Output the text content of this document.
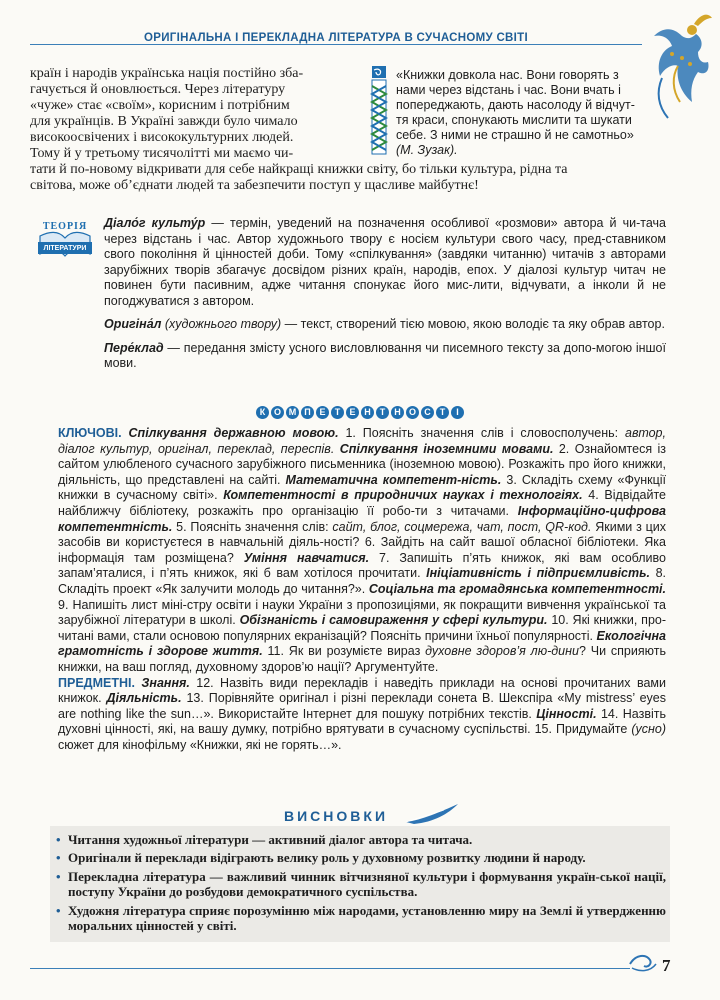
ОРИГІНАЛЬНА І ПЕРЕКЛАДНА ЛІТЕРАТУРА В СУЧАСНОМУ СВІТІ
країн і народів українська нація постійно зба-
гачується й оновлюється. Через літературу
«чуже» стає «своїм», корисним і потрібним
для українців. В Україні завжди було чимало
високоосвічених і висококультурних людей.
Тому й у третьому тисячолітті ми маємо чи-
тати й по-новому відкривати для себе найкращі книжки світу, бо тільки культура, рідна та
світова, може об’єднати людей та забезпечити поступ у щасливе майбутнє!
«Книжки довкола нас. Вони говорять з
нами через відстань і час. Вони вчать і
попереджають, дають насолоду й відчут-
тя краси, спонукають мислити та шукати
себе. З ними не страшно й не самотньо»
(М. Зузак).
ТЕОРІЯ
ЛІТЕРАТУРИ

Діало́г культу́р — термін, уведений на позначення особливої «розмови» автора й чи-тача через відстань і час. Автор художнього твору є носієм культури свого часу, пред-ставником свого покоління й цінностей доби. Тому «спілкування» (завдяки читанню) читачів з авторами зарубіжних творів збагачує досвідом різних країн, народів, епох. У діалозі культур читач не повинен бути пасивним, адже читання спонукає його мис-лити, відчувати, а інколи й не погоджуватися з автором.

Оригіна́л (художнього твору) — текст, створений тією мовою, якою володіє та яку обрав автор.

Пере́клад — передання змісту усного висловлювання чи писемного тексту за допо-могою іншої мови.

К О М П Е Т Е Н Т Н О С Т І
КЛЮЧОВІ. Спілкування державною мовою. 1. Поясніть значення слів і словосполучень: автор, діалог культур, оригінал, переклад, переспів. Спілкування іноземними мовами. 2. Ознайомтеся із сайтом улюбленого сучасного зарубіжного письменника (іноземною мовою). Розкажіть про його книжки, діяльність, що представлені на сайті. Математична компетент-ність. 3. Складіть схему «Функції книжки в сучасному світі». Компетентності в природничих науках і технологіях. 4. Відвідайте найближчу бібліотеку, розкажіть про організацію її робо-ти з читачами. Інформаційно-цифрова компетентність. 5. Поясніть значення слів: сайт, блог, соцмережа, чат, пост, QR-код. Якими з цих засобів ви користуєтеся в навчальній діяль-ності? 6. Зайдіть на сайт вашої обласної бібліотеки. Яка інформація там розміщена? Уміння навчатися. 7. Запишіть п’ять книжок, які вам особливо запам’яталися, і п’ять книжок, які б вам хотілося прочитати. Ініціативність і підприємливість. 8. Складіть проект «Як залучити молодь до читання?». Соціальна та громадянська компетентності. 9. Напишіть лист міні-стру освіти і науки України з пропозиціями, як покращити вивчення української та зарубіжної літератури в школі. Обізнаність і самовираження у сфері культури. 10. Які книжки, про-читані вами, стали основою популярних екранізацій? Поясніть причини їхньої популярності. Екологічна грамотність і здорове життя. 11. Як ви розумієте вираз духовне здоров’я лю-дини? Чи сприяють книжки, на ваш погляд, духовному здоров’ю нації? Аргументуйте.
ПРЕДМЕТНІ. Знання. 12. Назвіть види перекладів і наведіть приклади на основі прочитаних вами книжок. Діяльність. 13. Порівняйте оригінал і різні переклади сонета В. Шекспіра «My mistress’ eyes are nothing like the sun…». Використайте Інтернет для пошуку потрібних текстів. Цінності. 14. Назвіть духовні цінності, які, на вашу думку, потрібно врятувати в сучасному суспільстві. 15. Придумайте (усно) сюжет для кінофільму «Книжки, які не горять…».
ВИСНОВКИ
• Читання художньої літератури — активний діалог автора та читача.
• Оригінали й переклади відіграють велику роль у духовному розвитку людини й народу.
• Перекладна література — важливий чинник вітчизняної культури і формування україн-ської нації, поступу України до розбудови демократичного суспільства.
• Художня література сприяє порозумінню між народами, установленню миру на Землі й утвердженню моральних цінностей у світі.
7
